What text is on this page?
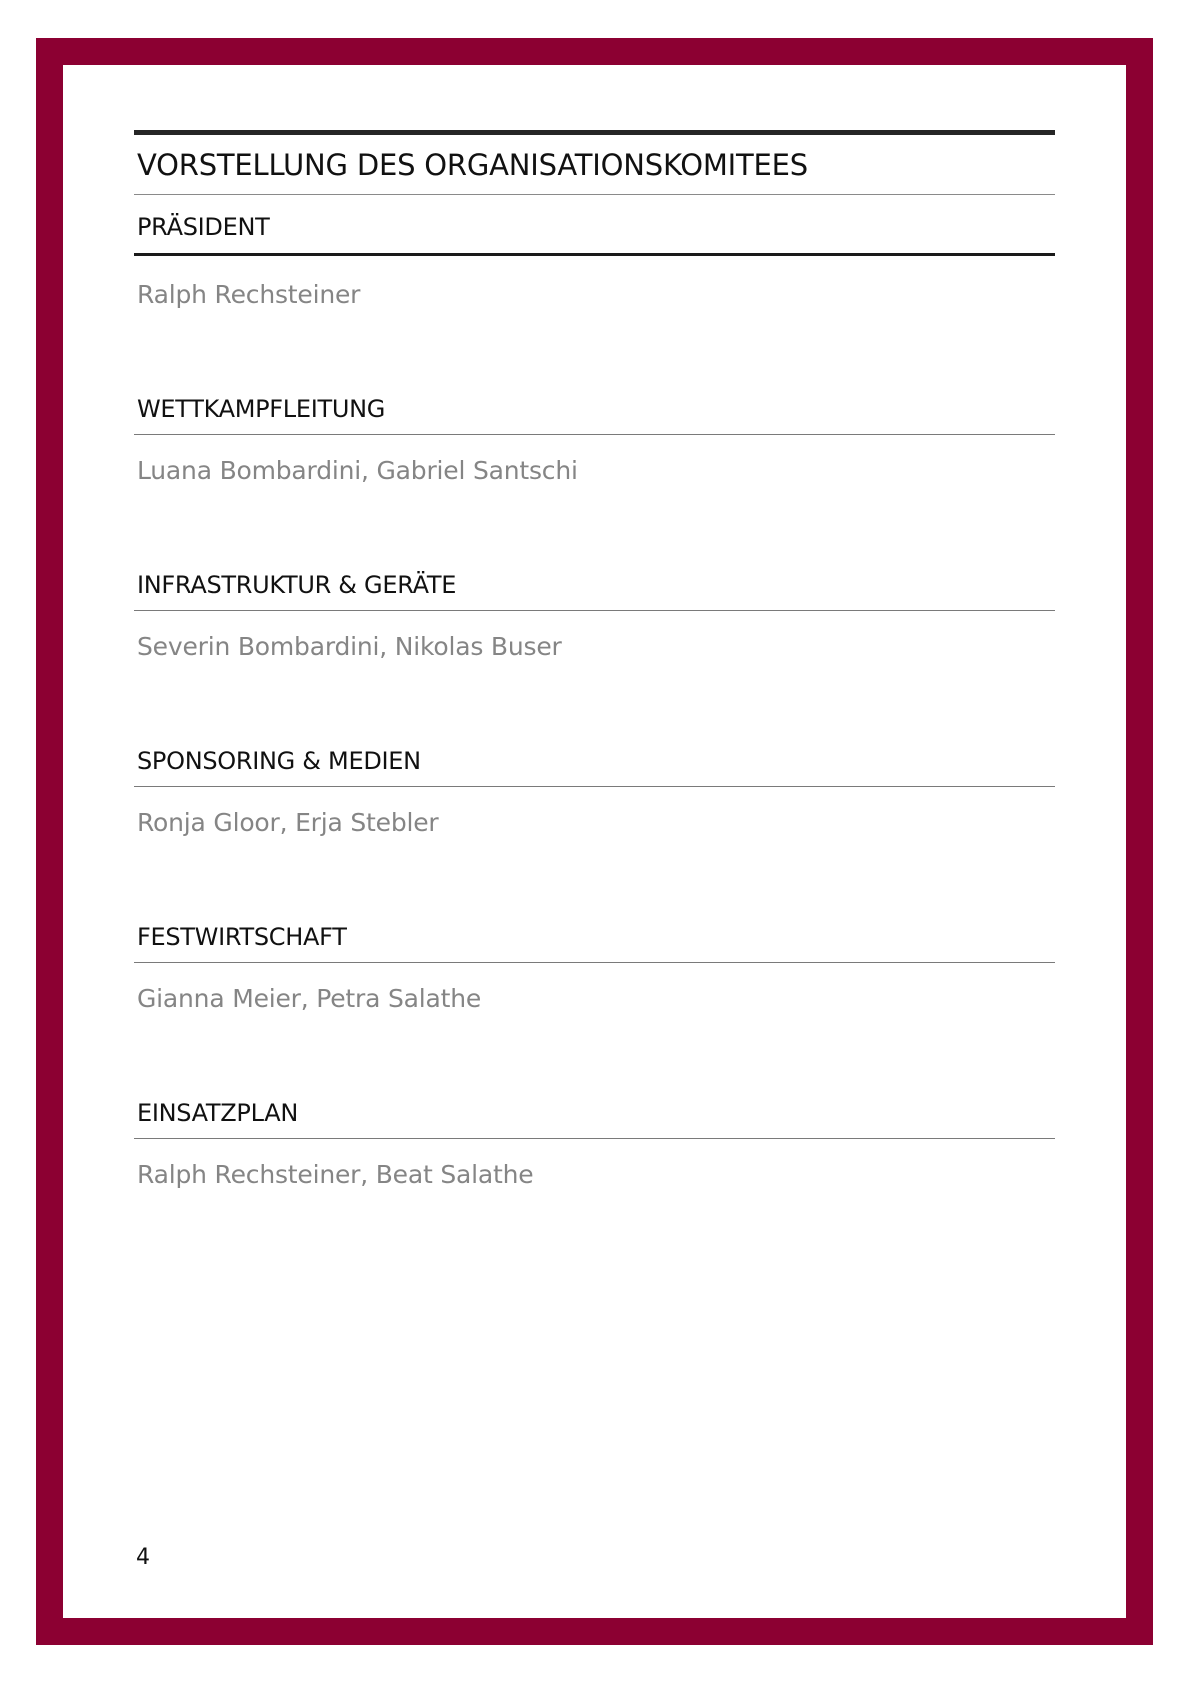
VORSTELLUNG DES ORGANISATIONSKOMITEES
PRÄSIDENT
Ralph Rechsteiner
WETTKAMPFLEITUNG
Luana Bombardini, Gabriel Santschi
INFRASTRUKTUR & GERÄTE
Severin Bombardini, Nikolas Buser
SPONSORING & MEDIEN
Ronja Gloor, Erja Stebler
FESTWIRTSCHAFT
Gianna Meier, Petra Salathe
EINSATZPLAN
Ralph Rechsteiner, Beat Salathe
4
